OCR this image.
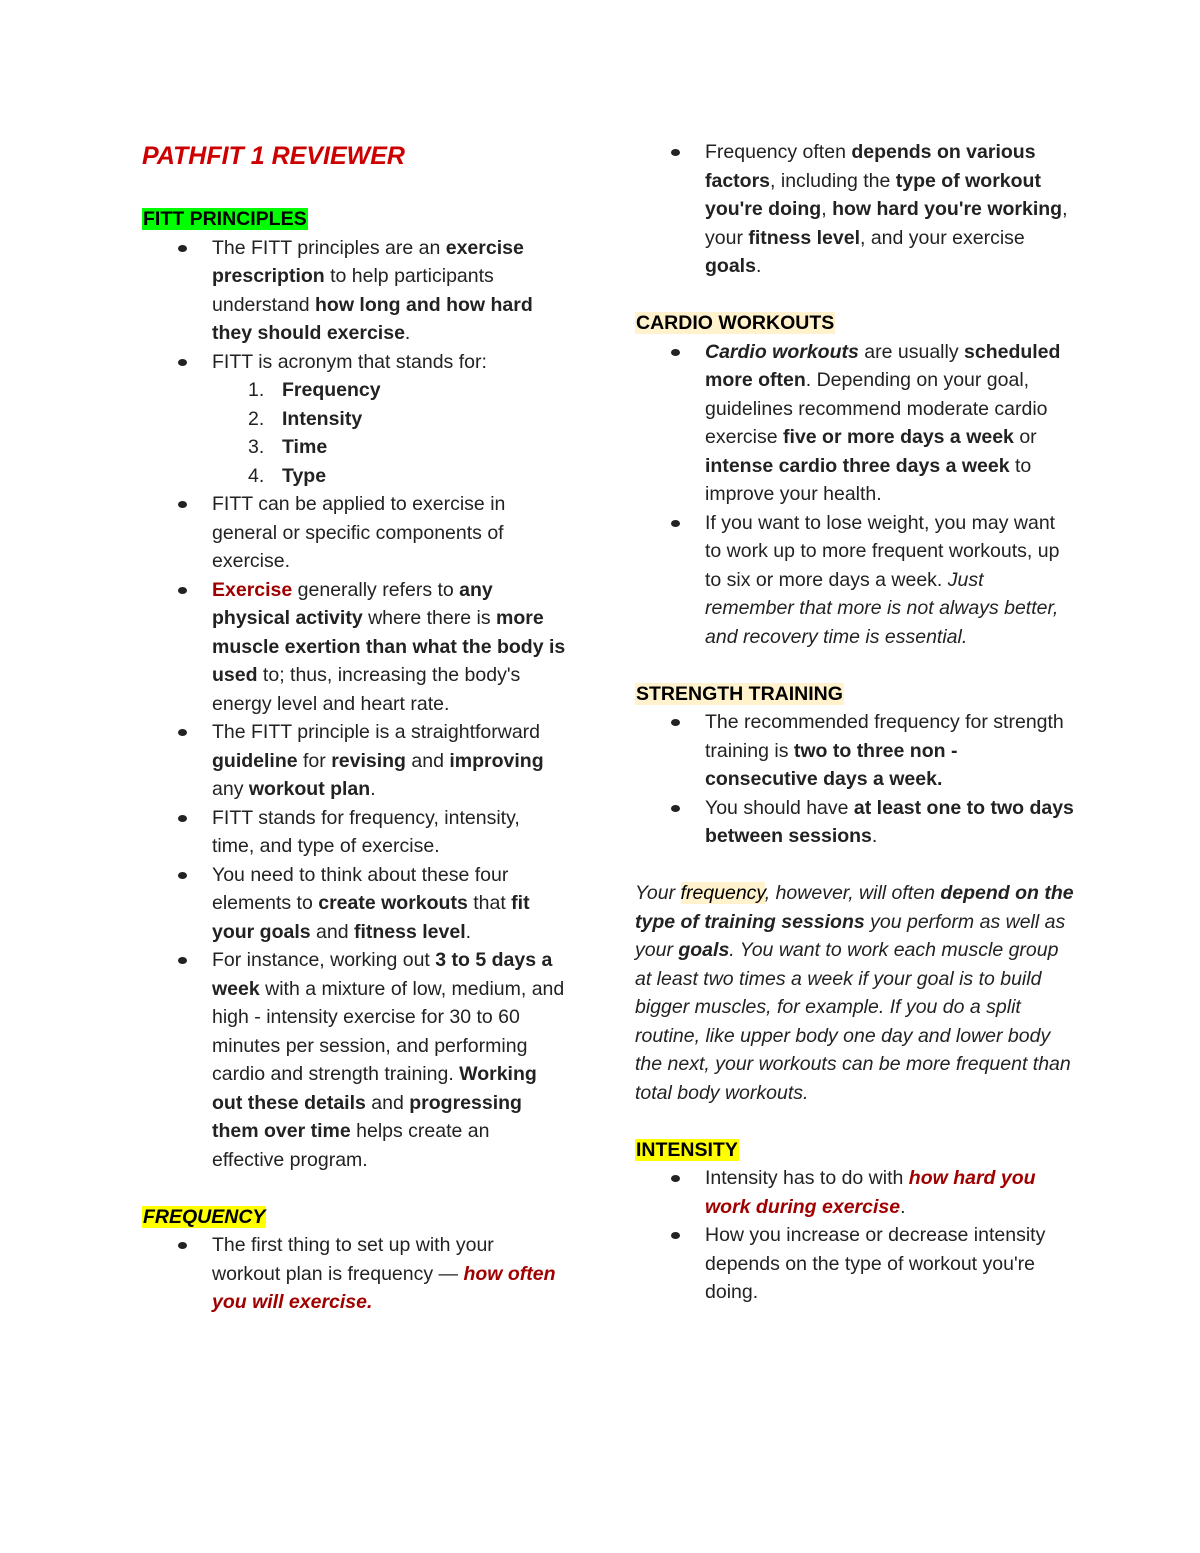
PATHFIT 1 REVIEWER
FITT PRINCIPLES
The FITT principles are an exercise prescription to help participants understand how long and how hard they should exercise.
FITT is acronym that stands for:
1. Frequency
2. Intensity
3. Time
4. Type
FITT can be applied to exercise in general or specific components of exercise.
Exercise generally refers to any physical activity where there is more muscle exertion than what the body is used to; thus, increasing the body's energy level and heart rate.
The FITT principle is a straightforward guideline for revising and improving any workout plan.
FITT stands for frequency, intensity, time, and type of exercise.
You need to think about these four elements to create workouts that fit your goals and fitness level.
For instance, working out 3 to 5 days a week with a mixture of low, medium, and high - intensity exercise for 30 to 60 minutes per session, and performing cardio and strength training. Working out these details and progressing them over time helps create an effective program.
FREQUENCY
The first thing to set up with your workout plan is frequency — how often you will exercise.
Frequency often depends on various factors, including the type of workout you're doing, how hard you're working, your fitness level, and your exercise goals.
CARDIO WORKOUTS
Cardio workouts are usually scheduled more often. Depending on your goal, guidelines recommend moderate cardio exercise five or more days a week or intense cardio three days a week to improve your health.
If you want to lose weight, you may want to work up to more frequent workouts, up to six or more days a week. Just remember that more is not always better, and recovery time is essential.
STRENGTH TRAINING
The recommended frequency for strength training is two to three non - consecutive days a week.
You should have at least one to two days between sessions.

Your frequency, however, will often depend on the type of training sessions you perform as well as your goals. You want to work each muscle group at least two times a week if your goal is to build bigger muscles, for example. If you do a split routine, like upper body one day and lower body the next, your workouts can be more frequent than total body workouts.

INTENSITY
Intensity has to do with how hard you work during exercise.
How you increase or decrease intensity depends on the type of workout you're doing.
